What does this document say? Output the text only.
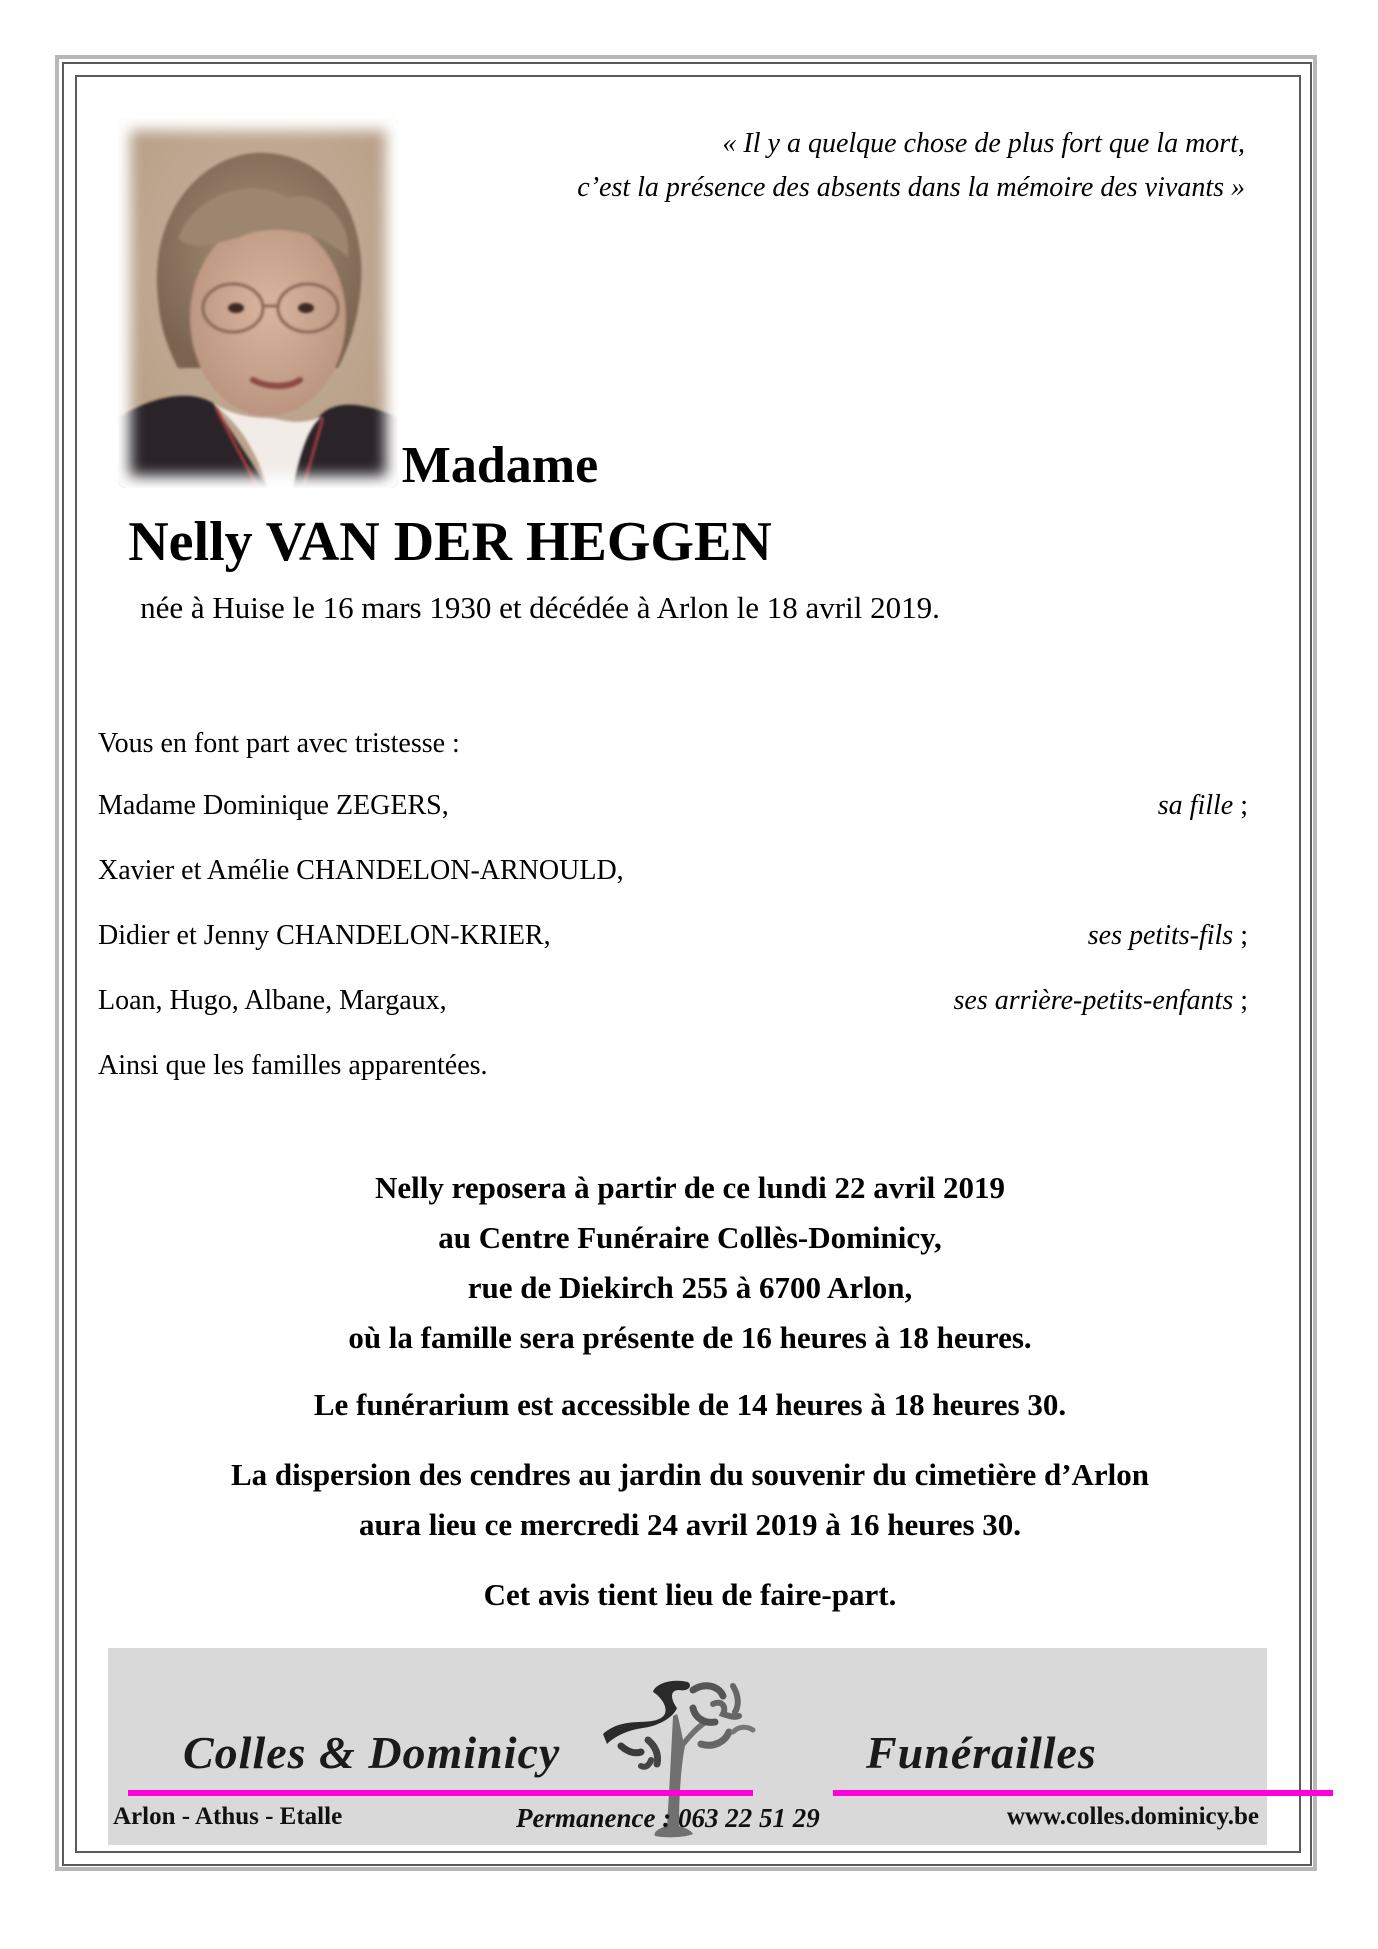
« Il y a quelque chose de plus fort que la mort,
c’est la présence des absents dans la mémoire des vivants »
Madame
Nelly VAN DER HEGGEN
née à Huise le 16 mars 1930 et décédée à Arlon le 18 avril 2019.
Vous en font part avec tristesse :
Madame Dominique ZEGERS,	sa fille ;
Xavier et Amélie CHANDELON-ARNOULD,
Didier et Jenny CHANDELON-KRIER,	ses petits-fils ;
Loan, Hugo, Albane, Margaux,	ses arrière-petits-enfants ;
Ainsi que les familles apparentées.
Nelly reposera à partir de ce lundi 22 avril 2019
au Centre Funéraire Collès-Dominicy,
rue de Diekirch 255 à 6700 Arlon,
où la famille sera présente de 16 heures à 18 heures.
Le funérarium est accessible de 14 heures à 18 heures 30.
La dispersion des cendres au jardin du souvenir du cimetière d’Arlon
aura lieu ce mercredi 24 avril 2019 à 16 heures 30.
Cet avis tient lieu de faire-part.
Colles & Dominicy	Funérailles
Arlon - Athus - Etalle	Permanence : 063 22 51 29	www.colles.dominicy.be
